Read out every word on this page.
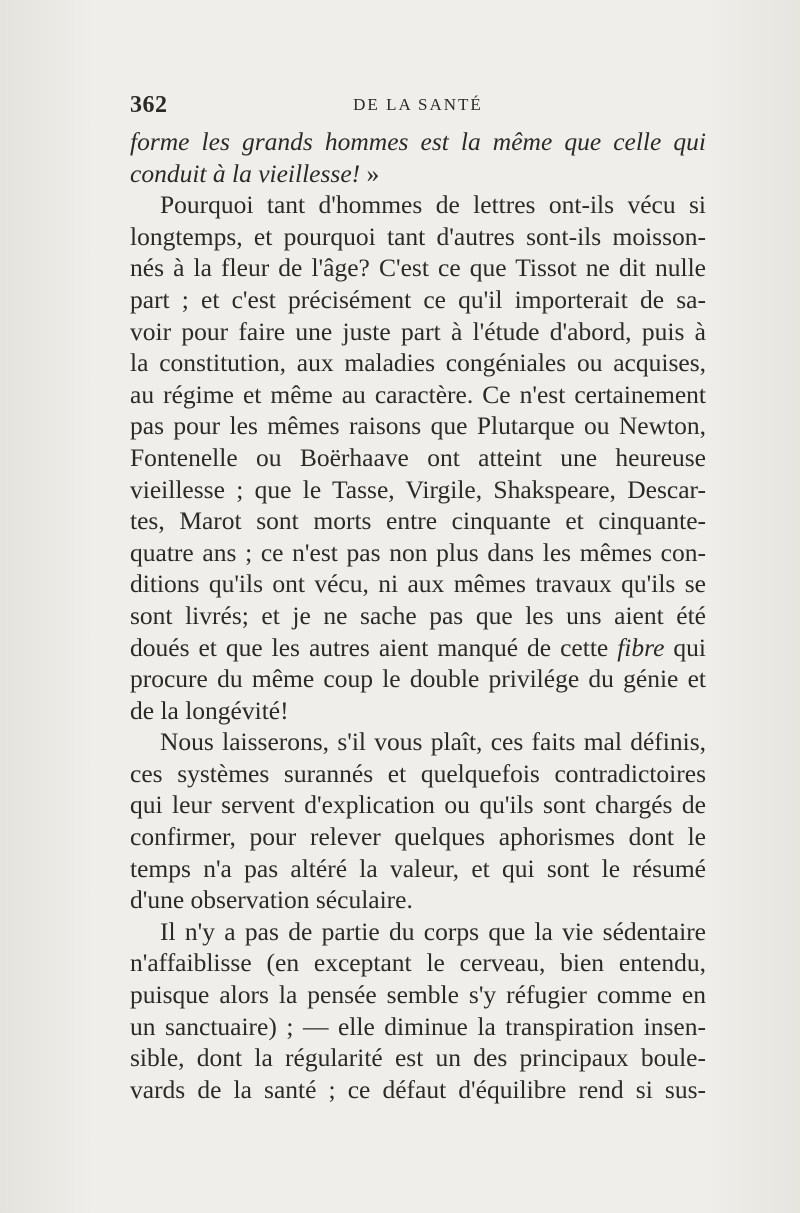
362	DE LA SANTÉ
forme les grands hommes est la même que celle qui
conduit à la vieillesse! »
Pourquoi tant d'hommes de lettres ont-ils vécu si
longtemps, et pourquoi tant d'autres sont-ils moisson-
nés à la fleur de l'âge? C'est ce que Tissot ne dit nulle
part ; et c'est précisément ce qu'il importerait de sa-
voir pour faire une juste part à l'étude d'abord, puis à
la constitution, aux maladies congéniales ou acquises,
au régime et même au caractère. Ce n'est certainement
pas pour les mêmes raisons que Plutarque ou Newton,
Fontenelle ou Boërhaave ont atteint une heureuse
vieillesse ; que le Tasse, Virgile, Shakspeare, Descar-
tes, Marot sont morts entre cinquante et cinquante-
quatre ans ; ce n'est pas non plus dans les mêmes con-
ditions qu'ils ont vécu, ni aux mêmes travaux qu'ils se
sont livrés; et je ne sache pas que les uns aient été
doués et que les autres aient manqué de cette fibre qui
procure du même coup le double privilége du génie et
de la longévité!
Nous laisserons, s'il vous plaît, ces faits mal définis,
ces systèmes surannés et quelquefois contradictoires
qui leur servent d'explication ou qu'ils sont chargés de
confirmer, pour relever quelques aphorismes dont le
temps n'a pas altéré la valeur, et qui sont le résumé
d'une observation séculaire.
Il n'y a pas de partie du corps que la vie sédentaire
n'affaiblisse (en exceptant le cerveau, bien entendu,
puisque alors la pensée semble s'y réfugier comme en
un sanctuaire) ; — elle diminue la transpiration insen-
sible, dont la régularité est un des principaux boule-
vards de la santé ; ce défaut d'équilibre rend si sus-
